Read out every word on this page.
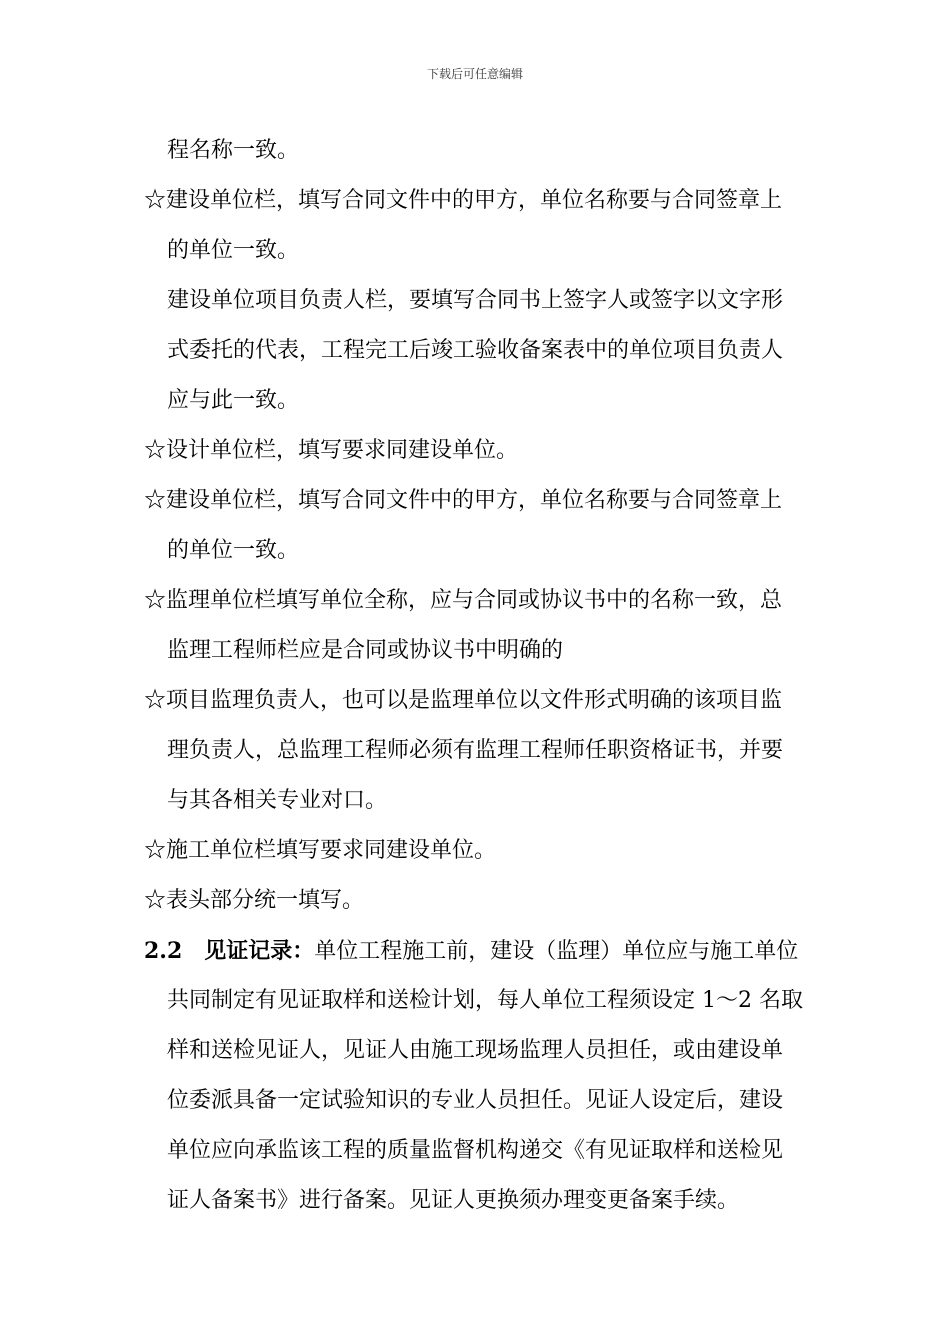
下载后可任意编辑
程名称一致。
☆建设单位栏，填写合同文件中的甲方，单位名称要与合同签章上
的单位一致。
建设单位项目负责人栏，要填写合同书上签字人或签字以文字形
式委托的代表，工程完工后竣工验收备案表中的单位项目负责人
应与此一致。
☆设计单位栏，填写要求同建设单位。
☆建设单位栏，填写合同文件中的甲方，单位名称要与合同签章上
的单位一致。
☆监理单位栏填写单位全称，应与合同或协议书中的名称一致，总
监理工程师栏应是合同或协议书中明确的
☆项目监理负责人，也可以是监理单位以文件形式明确的该项目监
理负责人，总监理工程师必须有监理工程师任职资格证书，并要
与其各相关专业对口。
☆施工单位栏填写要求同建设单位。
☆表头部分统一填写。
2.2 见证记录：单位工程施工前，建设（监理）单位应与施工单位
共同制定有见证取样和送检计划，每人单位工程须设定 1～2 名取
样和送检见证人，见证人由施工现场监理人员担任，或由建设单
位委派具备一定试验知识的专业人员担任。见证人设定后，建设
单位应向承监该工程的质量监督机构递交《有见证取样和送检见
证人备案书》进行备案。见证人更换须办理变更备案手续。
